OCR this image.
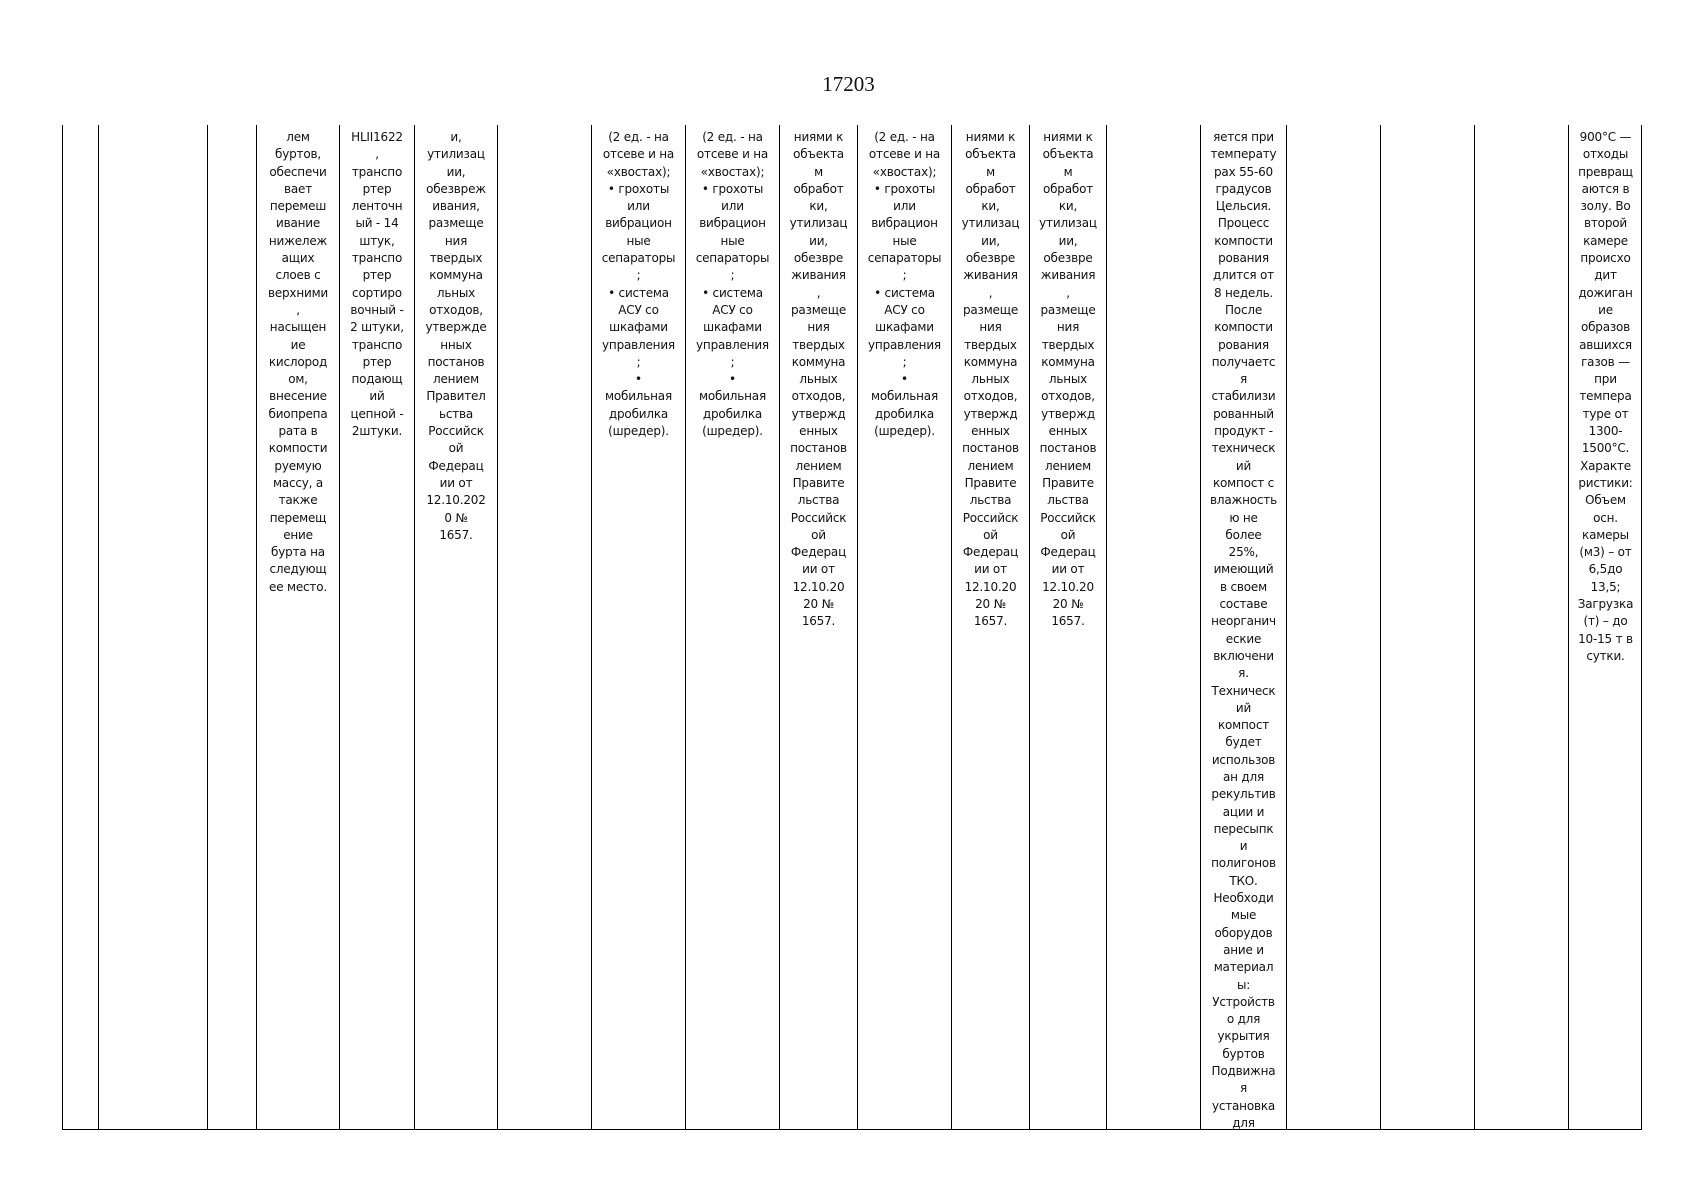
17203
лем
буртов,
обеспечи
вает
перемеш
ивание
нижележ
ащих
слоев с
верхними
,
насыщен
ие
кислород
ом,
внесение
биопрепа
рата в
компости
руемую
массу, а
также
перемещ
ение
бурта на
следующ
ее место.
HLII1622
,
транспо
ртер
ленточн
ый - 14
штук,
транспо
ртер
сортиро
вочный -
2 штуки,
транспо
ртер
подающ
ий
цепной -
2штуки.
и,
утилизац
ии,
обезвреж
ивания,
размеще
ния
твердых
коммуна
льных
отходов,
утвержде
нных
постанов
лением
Правител
ьства
Российск
ой
Федерац
ии от
12.10.202
0 №
1657.
(2 ед. - на
отсеве и на
«хвостах);
• грохоты
или
вибрацион
ные
сепараторы
;
• система
АСУ со
шкафами
управления
;
•
мобильная
дробилка
(шредер).
(2 ед. - на
отсеве и на
«хвостах);
• грохоты
или
вибрацион
ные
сепараторы
;
• система
АСУ со
шкафами
управления
;
•
мобильная
дробилка
(шредер).
ниями к
объекта
м
обработ
ки,
утилизац
ии,
обезвре
живания
,
размеще
ния
твердых
коммуна
льных
отходов,
утвержд
енных
постанов
лением
Правите
льства
Российск
ой
Федерац
ии от
12.10.20
20 №
1657.
(2 ед. - на
отсеве и на
«хвостах);
• грохоты
или
вибрацион
ные
сепараторы
;
• система
АСУ со
шкафами
управления
;
•
мобильная
дробилка
(шредер).
ниями к
объекта
м
обработ
ки,
утилизац
ии,
обезвре
живания
,
размеще
ния
твердых
коммуна
льных
отходов,
утвержд
енных
постанов
лением
Правите
льства
Российск
ой
Федерац
ии от
12.10.20
20 №
1657.
ниями к
объекта
м
обработ
ки,
утилизац
ии,
обезвре
живания
,
размеще
ния
твердых
коммуна
льных
отходов,
утвержд
енных
постанов
лением
Правите
льства
Российск
ой
Федерац
ии от
12.10.20
20 №
1657.
яется при
температу
рах 55-60
градусов
Цельсия.
Процесс
компости
рования
длится от
8 недель.
После
компости
рования
получаетс
я
стабилизи
рованный
продукт -
техническ
ий
компост с
влажность
ю не
более
25%,
имеющий
в своем
составе
неорганич
еские
включени
я.
Техническ
ий
компост
будет
использов
ан для
рекультив
ации и
пересыпк
и
полигонов
ТКО.
Необходи
мые
оборудов
ание и
материал
ы:
Устройств
о для
укрытия
буртов
Подвижна
я
установка
для
900°С —
отходы
превращ
аются в
золу. Во
второй
камере
происхо
дит
дожиган
ие
образов
авшихся
газов —
при
темпера
туре от
1300-
1500°С.
Характе
ристики:
Объем
осн.
камеры
(м3) – от
6,5до
13,5;
Загрузка
(т) – до
10-15 т в
сутки.
